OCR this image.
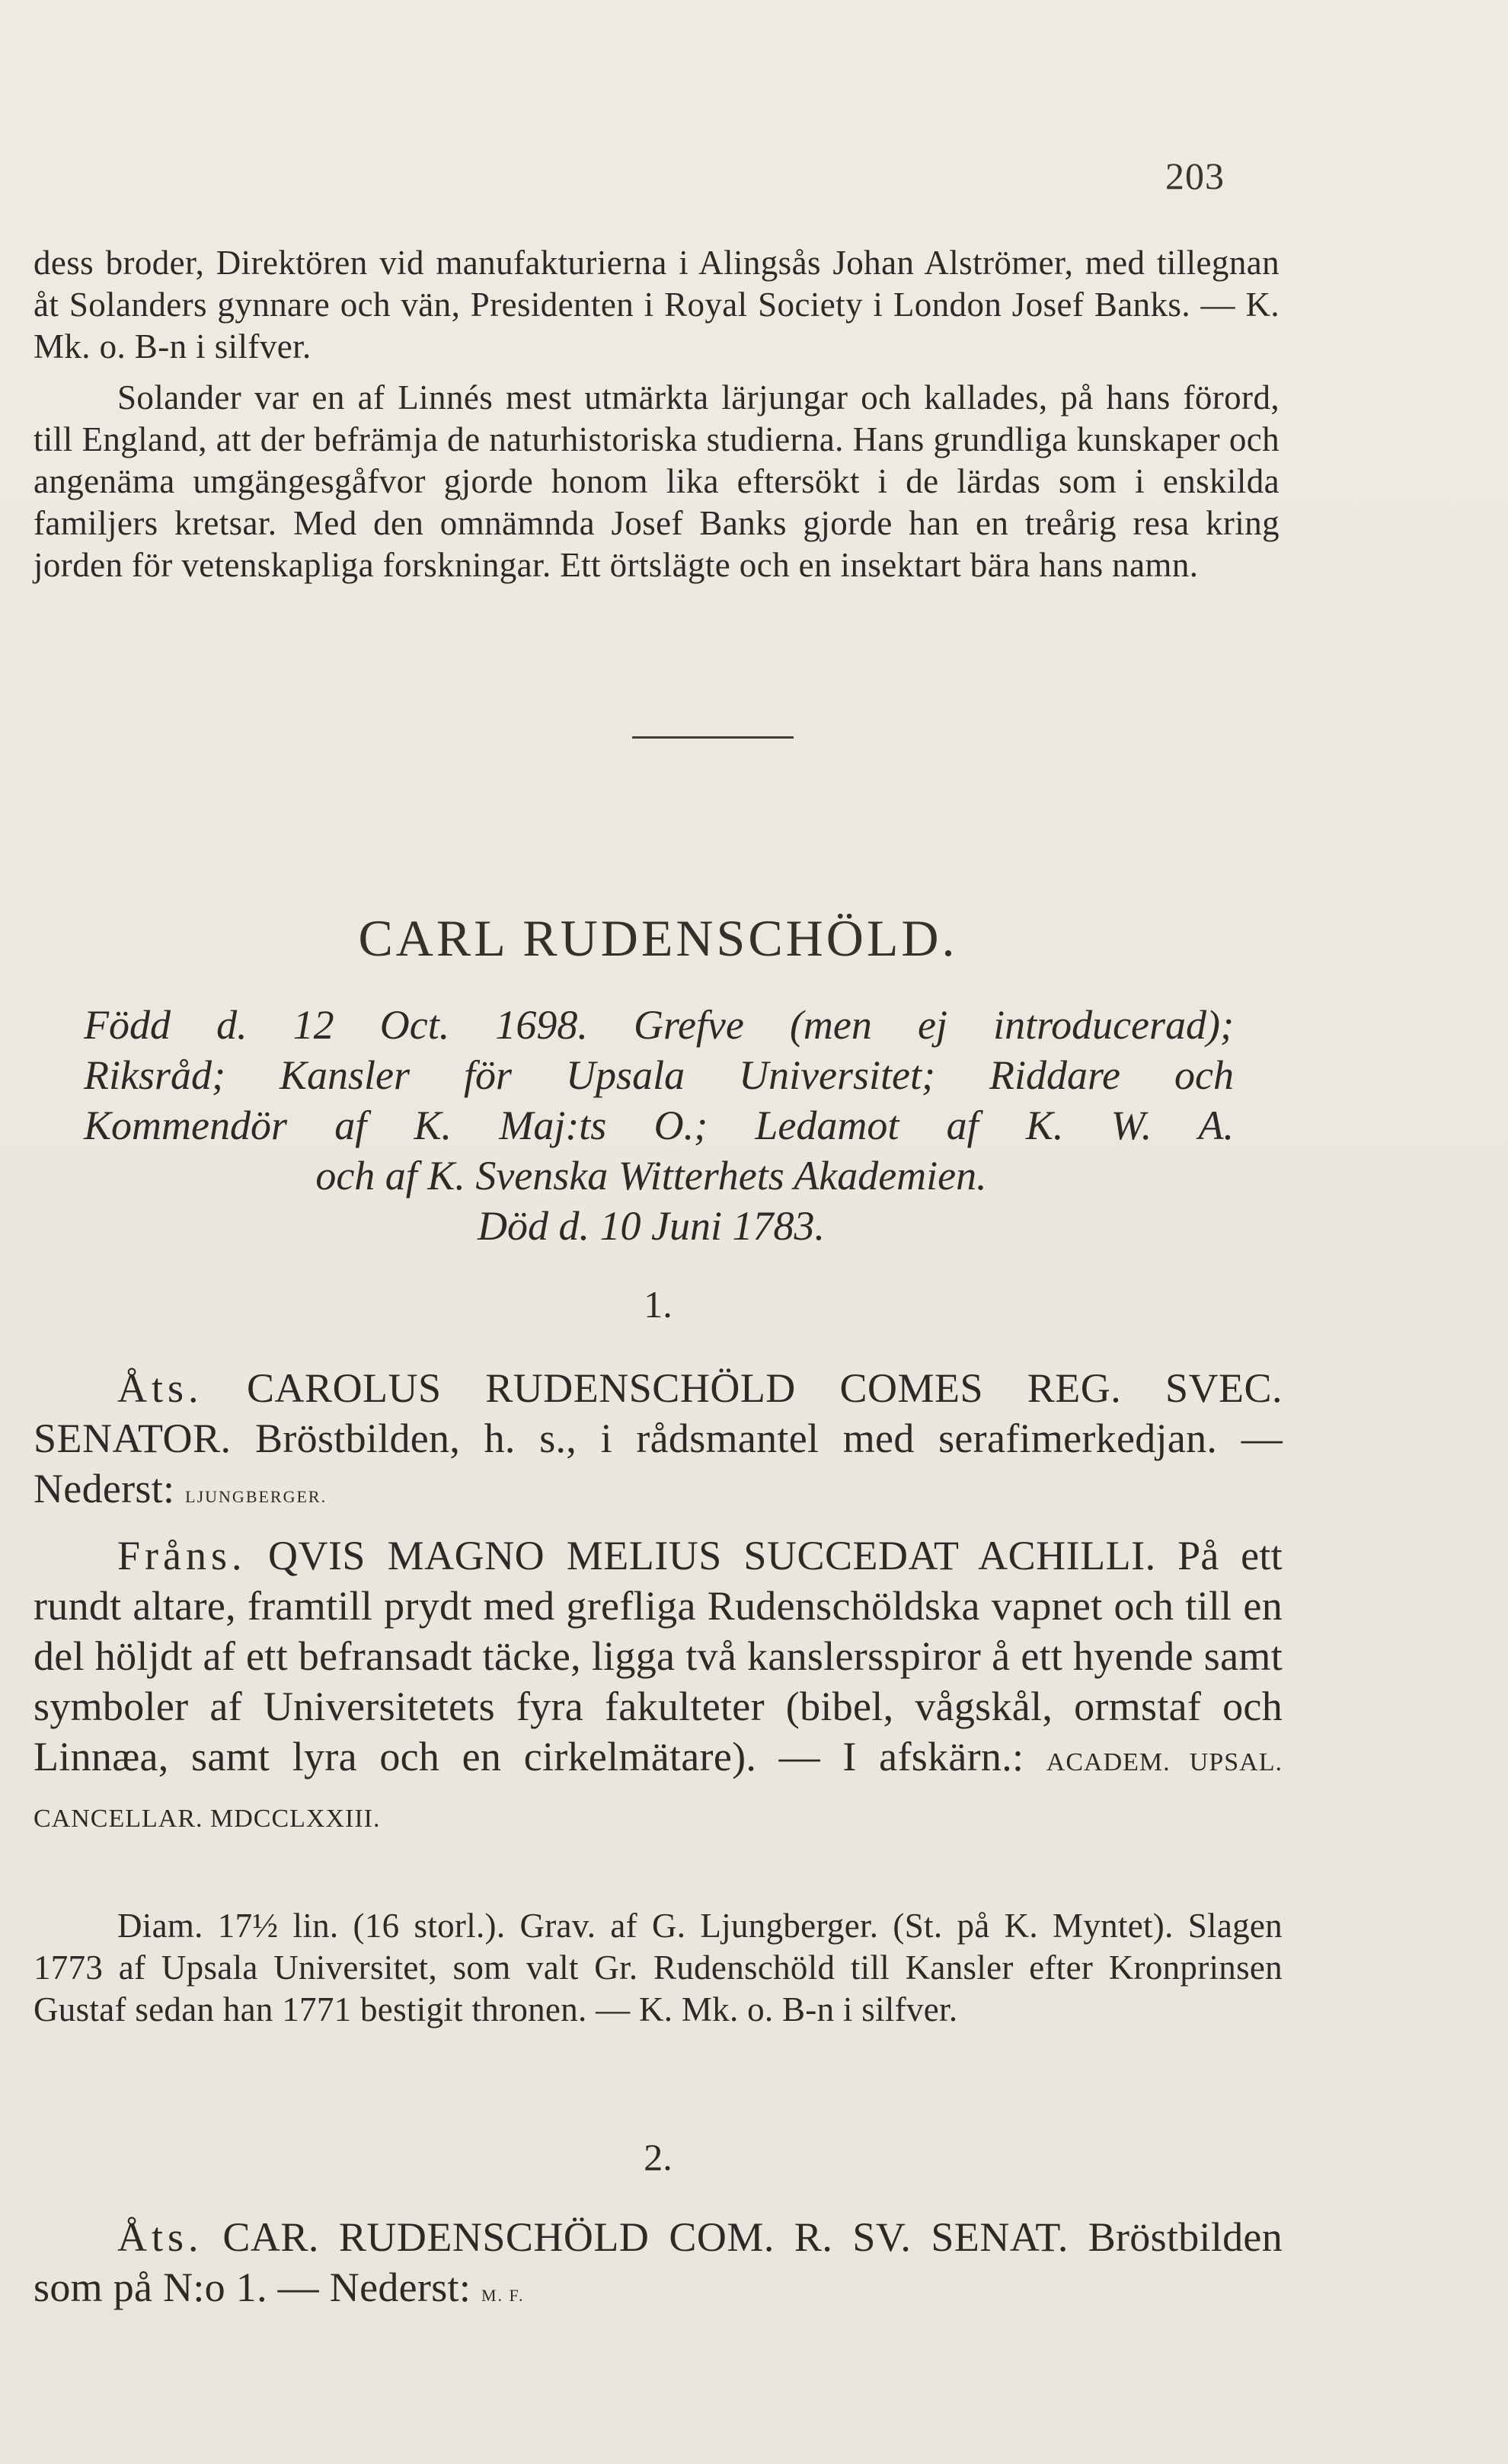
203

dess broder, Direktören vid manufakturierna i Alingsås Johan Alströmer, med tillegnan åt Solanders gynnare och vän, Presidenten i Royal Society i London Josef Banks. — K. Mk. o. B-n i silfver.

Solander var en af Linnés mest utmärkta lärjungar och kallades, på hans förord, till England, att der befrämja de naturhistoriska studierna. Hans grundliga kunskaper och angenäma umgängesgåfvor gjorde honom lika eftersökt i de lärdas som i enskilda familjers kretsar. Med den omnämnda Josef Banks gjorde han en treårig resa kring jorden för vetenskapliga forskningar. Ett örtslägte och en insektart bära hans namn.

CARL RUDENSCHÖLD.
Född d. 12 Oct. 1698. Grefve (men ej introducerad);
Riksråd; Kansler för Upsala Universitet; Riddare och
Kommendör af K. Maj:ts O.; Ledamot af K. W. A.
och af K. Svenska Witterhets Akademien.
Död d. 10 Juni 1783.
1.
Åts. CAROLUS RUDENSCHÖLD COMES REG. SVEC. SENATOR. Bröstbilden, h. s., i rådsmantel med serafimerkedjan. — Nederst: LJUNGBERGER.
Fråns. QVIS MAGNO MELIUS SUCCEDAT ACHILLI. På ett rundt altare, framtill prydt med grefliga Rudenschöldska vapnet och till en del höljdt af ett befransadt täcke, ligga två kanslersspiror å ett hyende samt symboler af Universitetets fyra fakulteter (bibel, vågskål, ormstaf och Linnæa, samt lyra och en cirkelmätare). — I afskärn.: ACADEM. UPSAL. CANCELLAR. MDCCLXXIII.

Diam. 17½ lin. (16 storl.). Grav. af G. Ljungberger. (St. på K. Myntet). Slagen 1773 af Upsala Universitet, som valt Gr. Rudenschöld till Kansler efter Kronprinsen Gustaf sedan han 1771 bestigit thronen. — K. Mk. o. B-n i silfver.

2.
Åts. CAR. RUDENSCHÖLD COM. R. SV. SENAT. Bröstbilden som på N:o 1. — Nederst: M. F.
